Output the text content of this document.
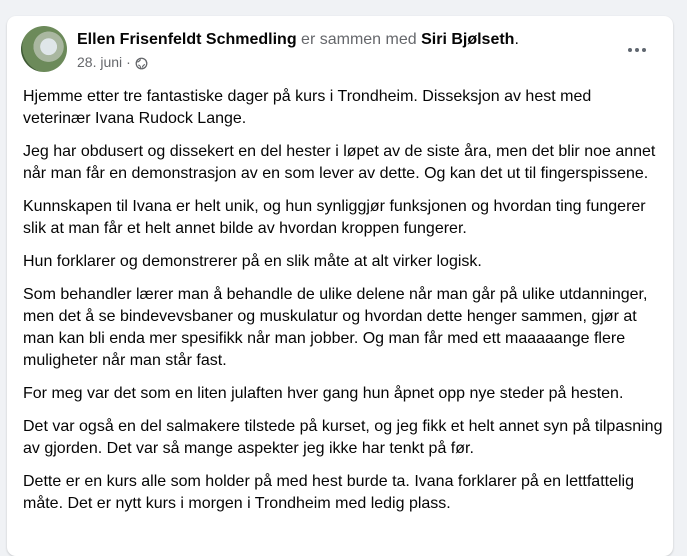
Ellen Frisenfeldt Schmedling er sammen med Siri Bjølseth.
28. juni ·

Hjemme etter tre fantastiske dager på kurs i Trondheim. Disseksjon av hest med veterinær Ivana Rudock Lange.

Jeg har obdusert og dissekert en del hester i løpet av de siste åra, men det blir noe annet når man får en demonstrasjon av en som lever av dette. Og kan det ut til fingerspissene.

Kunnskapen til Ivana er helt unik, og hun synliggjør funksjonen og hvordan ting fungerer slik at man får et helt annet bilde av hvordan kroppen fungerer.

Hun forklarer og demonstrerer på en slik måte at alt virker logisk.

Som behandler lærer man å behandle de ulike delene når man går på ulike utdanninger, men det å se bindevevsbaner og muskulatur og hvordan dette henger sammen, gjør at man kan bli enda mer spesifikk når man jobber. Og man får med ett maaaaange flere muligheter når man står fast.

For meg var det som en liten julaften hver gang hun åpnet opp nye steder på hesten.

Det var også en del salmakere tilstede på kurset, og jeg fikk et helt annet syn på tilpasning av gjorden. Det var så mange aspekter jeg ikke har tenkt på før.

Dette er en kurs alle som holder på med hest burde ta. Ivana forklarer på en lettfattelig måte. Det er nytt kurs i morgen i Trondheim med ledig plass.
